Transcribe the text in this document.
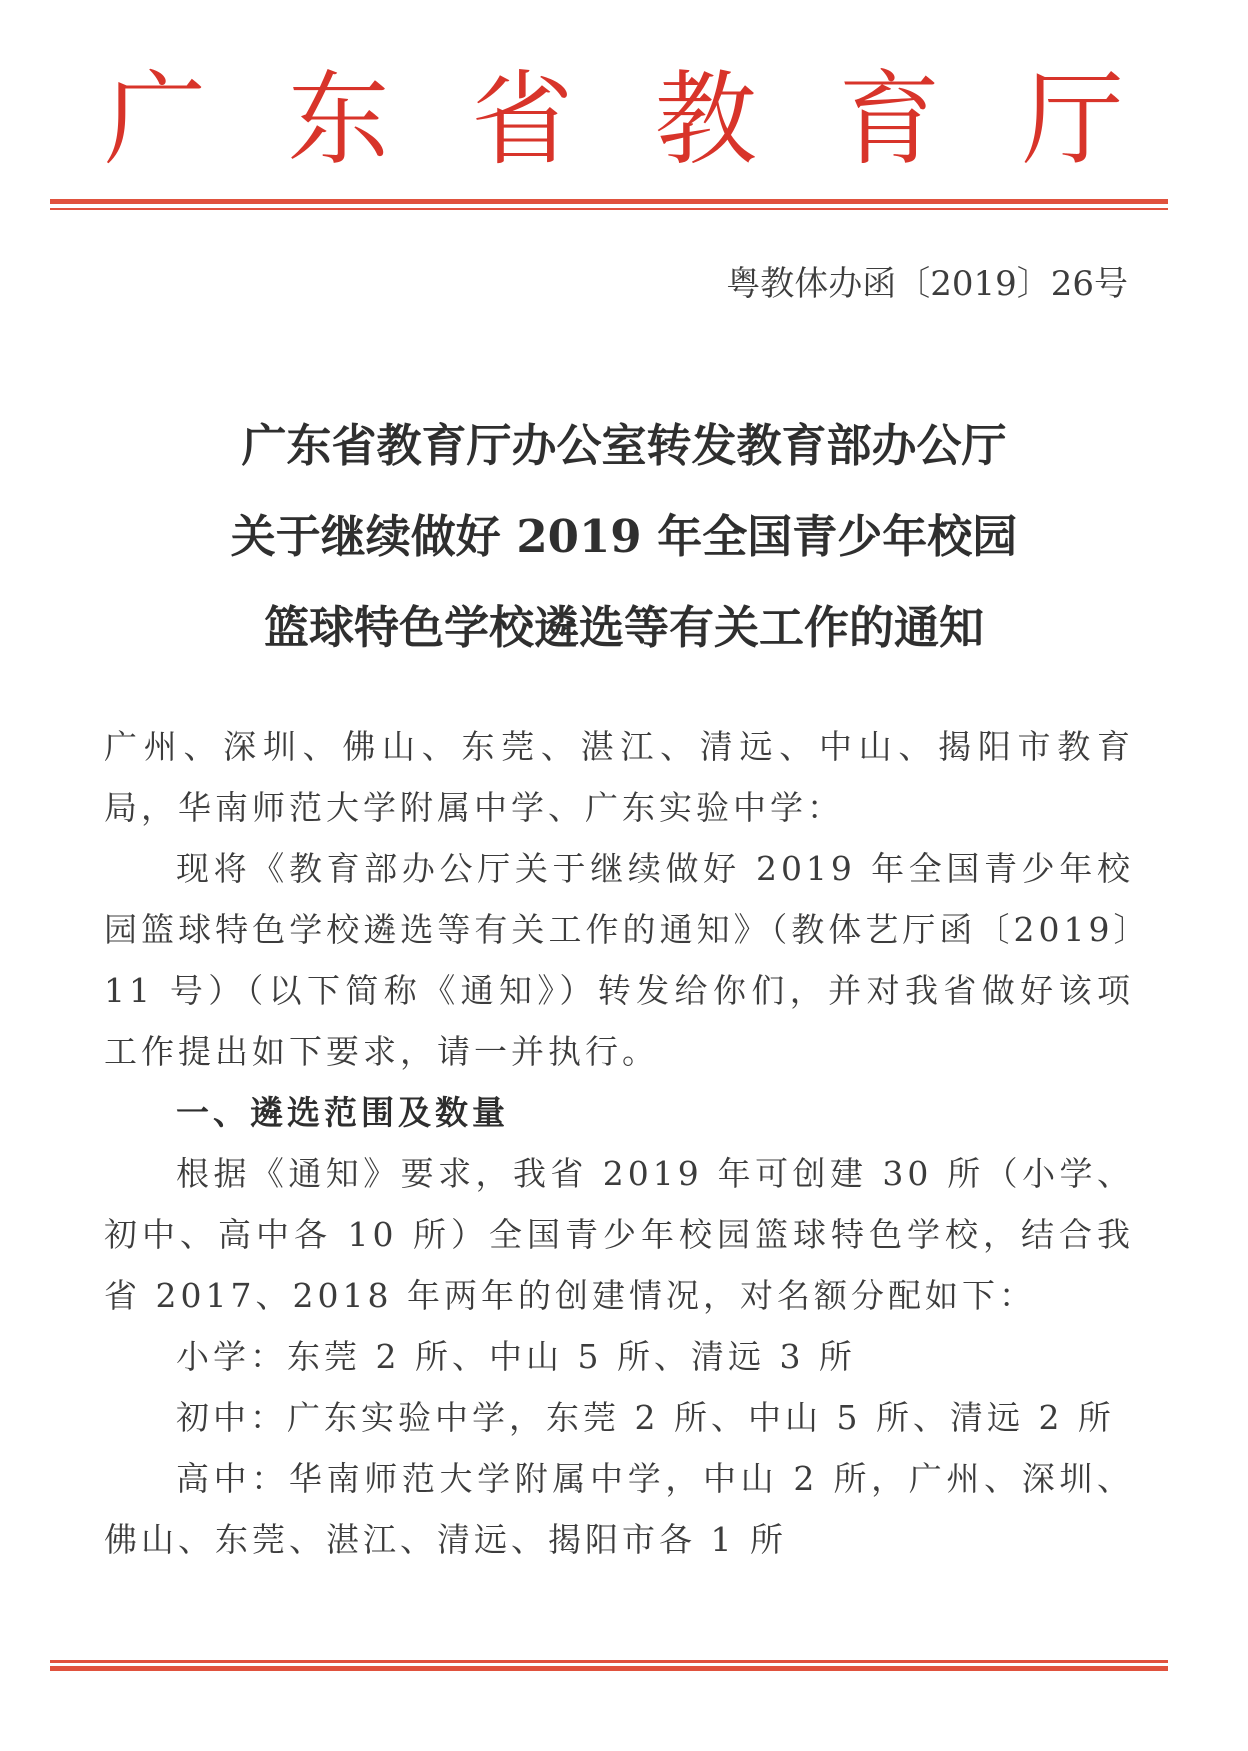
广 东 省 教 育 厅
粤教体办函〔2019〕26号
广东省教育厅办公室转发教育部办公厅
关于继续做好 2019 年全国青少年校园
篮球特色学校遴选等有关工作的通知

广州、深圳、佛山、东莞、湛江、清远、中山、揭阳市教育局，华南师范大学附属中学、广东实验中学：

现将《教育部办公厅关于继续做好 2019 年全国青少年校园篮球特色学校遴选等有关工作的通知》（教体艺厅函〔2019〕11 号）（以下简称《通知》）转发给你们，并对我省做好该项工作提出如下要求，请一并执行。

一、遴选范围及数量

根据《通知》要求，我省 2019 年可创建 30 所（小学、初中、高中各 10 所）全国青少年校园篮球特色学校，结合我省 2017、2018 年两年的创建情况，对名额分配如下：

小学：东莞 2 所、中山 5 所、清远 3 所

初中：广东实验中学，东莞 2 所、中山 5 所、清远 2 所

高中：华南师范大学附属中学，中山 2 所，广州、深圳、佛山、东莞、湛江、清远、揭阳市各 1 所
